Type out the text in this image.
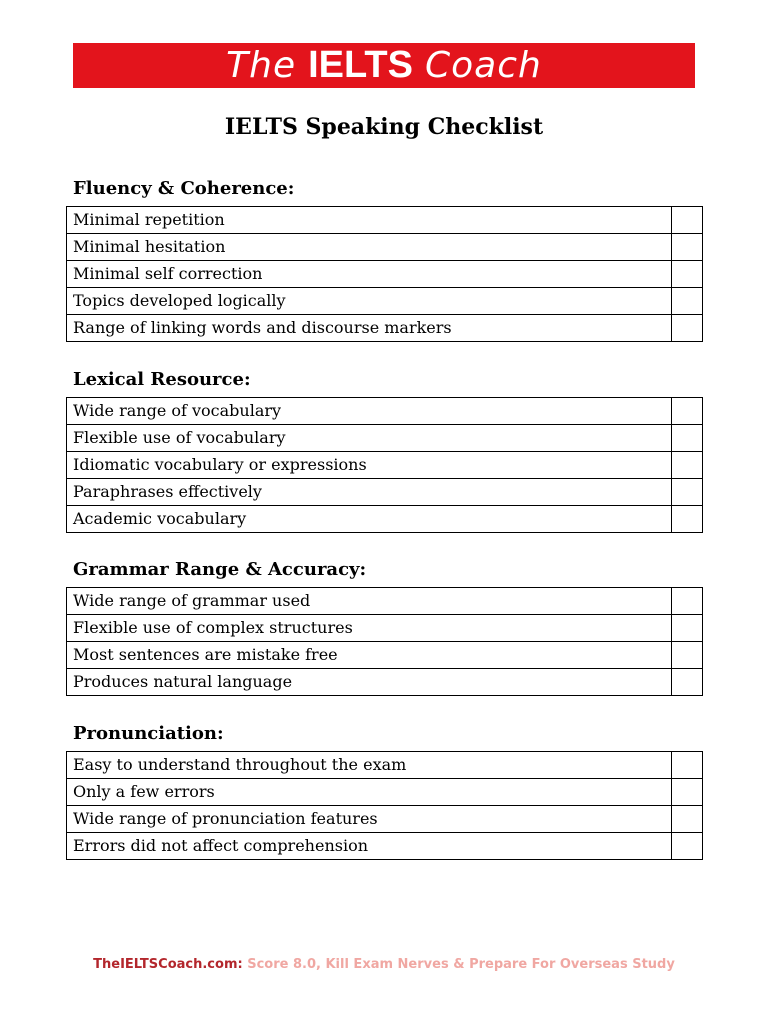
The IELTS Coach
IELTS Speaking Checklist
Fluency & Coherence:
Minimal repetition	
Minimal hesitation	
Minimal self correction	
Topics developed logically	
Range of linking words and discourse markers	
Lexical Resource:
Wide range of vocabulary	
Flexible use of vocabulary	
Idiomatic vocabulary or expressions	
Paraphrases effectively	
Academic vocabulary	
Grammar Range & Accuracy:
Wide range of grammar used	
Flexible use of complex structures	
Most sentences are mistake free	
Produces natural language	
Pronunciation:
Easy to understand throughout the exam	
Only a few errors	
Wide range of pronunciation features	
Errors did not affect comprehension	
TheIELTSCoach.com: Score 8.0, Kill Exam Nerves & Prepare For Overseas Study
